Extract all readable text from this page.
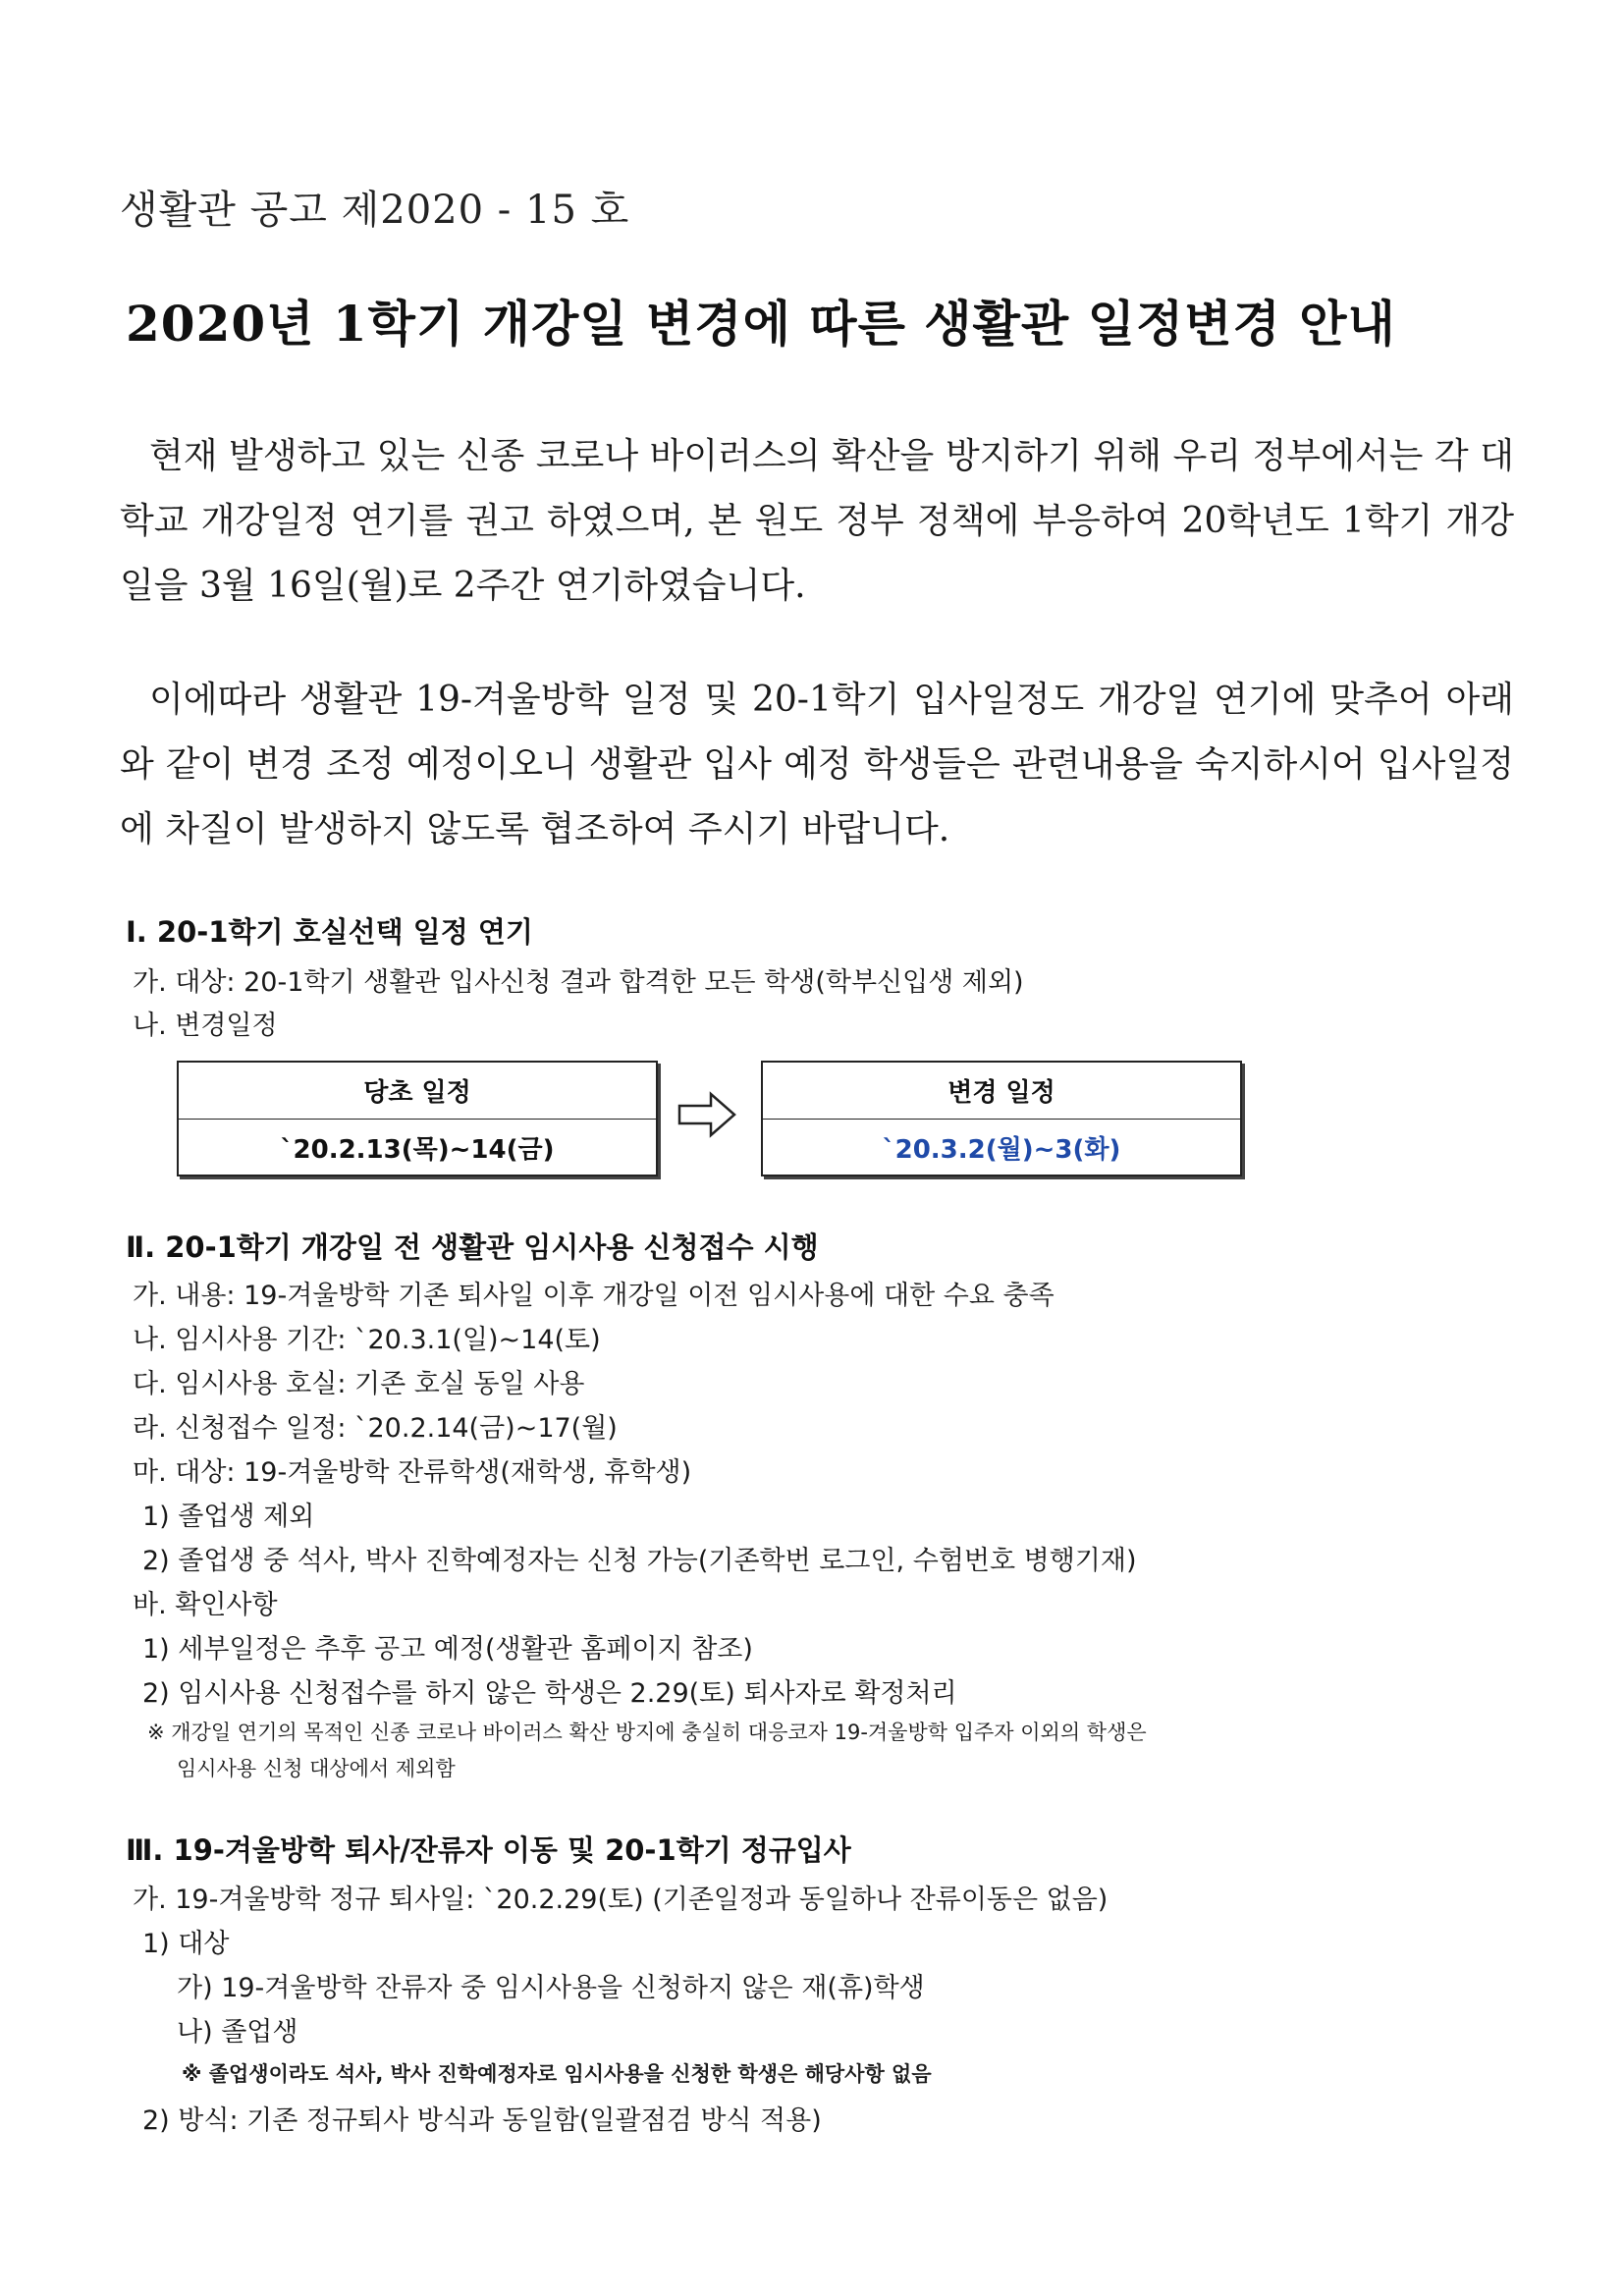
생활관 공고 제2020 - 15 호
2020년 1학기 개강일 변경에 따른 생활관 일정변경 안내
현재 발생하고 있는 신종 코로나 바이러스의 확산을 방지하기 위해 우리 정부에서는 각 대학교 개강일정 연기를 권고 하였으며, 본 원도 정부 정책에 부응하여 20학년도 1학기 개강일을 3월 16일(월)로 2주간 연기하였습니다.
이에따라 생활관 19-겨울방학 일정 및 20-1학기 입사일정도 개강일 연기에 맞추어 아래와 같이 변경 조정 예정이오니 생활관 입사 예정 학생들은 관련내용을 숙지하시어 입사일정에 차질이 발생하지 않도록 협조하여 주시기 바랍니다.
Ⅰ. 20-1학기 호실선택 일정 연기
가. 대상: 20-1학기 생활관 입사신청 결과 합격한 모든 학생(학부신입생 제외)
나. 변경일정
당초 일정
`20.2.13(목)~14(금)
변경 일정
`20.3.2(월)~3(화)
Ⅱ. 20-1학기 개강일 전 생활관 임시사용 신청접수 시행
가. 내용: 19-겨울방학 기존 퇴사일 이후 개강일 이전 임시사용에 대한 수요 충족
나. 임시사용 기간: `20.3.1(일)~14(토)
다. 임시사용 호실: 기존 호실 동일 사용
라. 신청접수 일정: `20.2.14(금)~17(월)
마. 대상: 19-겨울방학 잔류학생(재학생, 휴학생)
1) 졸업생 제외
2) 졸업생 중 석사, 박사 진학예정자는 신청 가능(기존학번 로그인, 수험번호 병행기재)
바. 확인사항
1) 세부일정은 추후 공고 예정(생활관 홈페이지 참조)
2) 임시사용 신청접수를 하지 않은 학생은 2.29(토) 퇴사자로 확정처리
※ 개강일 연기의 목적인 신종 코로나 바이러스 확산 방지에 충실히 대응코자 19-겨울방학 입주자 이외의 학생은
임시사용 신청 대상에서 제외함
Ⅲ. 19-겨울방학 퇴사/잔류자 이동 및 20-1학기 정규입사
가. 19-겨울방학 정규 퇴사일: `20.2.29(토) (기존일정과 동일하나 잔류이동은 없음)
1) 대상
가) 19-겨울방학 잔류자 중 임시사용을 신청하지 않은 재(휴)학생
나) 졸업생
※ 졸업생이라도 석사, 박사 진학예정자로 임시사용을 신청한 학생은 해당사항 없음
2) 방식: 기존 정규퇴사 방식과 동일함(일괄점검 방식 적용)
